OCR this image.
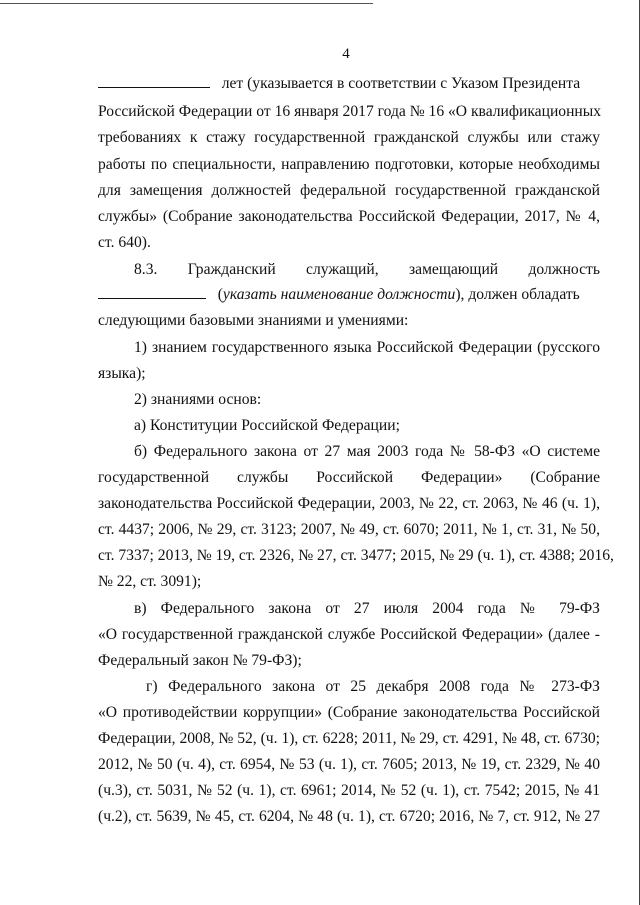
4
лет (указывается в соответствии с Указом Президента
Российской Федерации от 16 января 2017 года № 16 «О квалификационных
требованиях к стажу государственной гражданской службы или стажу
работы по специальности, направлению подготовки, которые необходимы
для замещения должностей федеральной государственной гражданской
службы» (Собрание законодательства Российской Федерации, 2017, № 4,
ст. 640).
8.3. Гражданский служащий, замещающий должность
(указать наименование должности), должен обладать
следующими базовыми знаниями и умениями:
1) знанием государственного языка Российской Федерации (русского
языка);
2) знаниями основ:
а) Конституции Российской Федерации;
б) Федерального закона от 27 мая 2003 года № 58-ФЗ «О системе
государственной службы Российской Федерации» (Собрание
законодательства Российской Федерации, 2003, № 22, ст. 2063, № 46 (ч. 1),
ст. 4437; 2006, № 29, ст. 3123; 2007, № 49, ст. 6070; 2011, № 1, ст. 31, № 50,
ст. 7337; 2013, № 19, ст. 2326, № 27, ст. 3477; 2015, № 29 (ч. 1), ст. 4388; 2016,
№ 22, ст. 3091);
в) Федерального закона от 27 июля 2004 года № 79-ФЗ
«О государственной гражданской службе Российской Федерации» (далее -
Федеральный закон № 79-ФЗ);
г) Федерального закона от 25 декабря 2008 года № 273-ФЗ
«О противодействии коррупции» (Собрание законодательства Российской
Федерации, 2008, № 52, (ч. 1), ст. 6228; 2011, № 29, ст. 4291, № 48, ст. 6730;
2012, № 50 (ч. 4), ст. 6954, № 53 (ч. 1), ст. 7605; 2013, № 19, ст. 2329, № 40
(ч.3), ст. 5031, № 52 (ч. 1), ст. 6961; 2014, № 52 (ч. 1), ст. 7542; 2015, № 41
(ч.2), ст. 5639, № 45, ст. 6204, № 48 (ч. 1), ст. 6720; 2016, № 7, ст. 912, № 27
